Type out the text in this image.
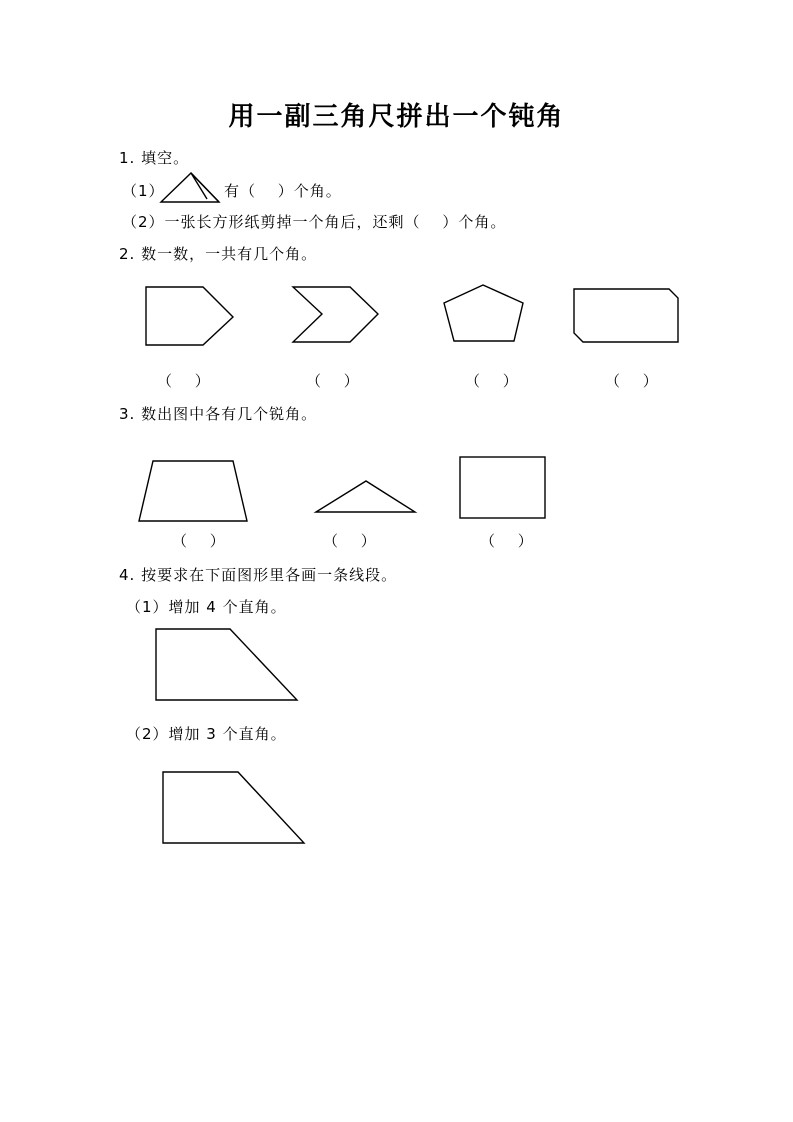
用一副三角尺拼出一个钝角
1. 填空。
（1）	有（　 ）个角。
（2）一张长方形纸剪掉一个角后，还剩（　 ）个角。
2. 数一数，一共有几个角。
（　 ）	（　 ）	（　 ）	（　 ）
3. 数出图中各有几个锐角。
（　 ）	（　 ）	（　 ）
4. 按要求在下面图形里各画一条线段。
（1）增加 4 个直角。
（2）增加 3 个直角。
